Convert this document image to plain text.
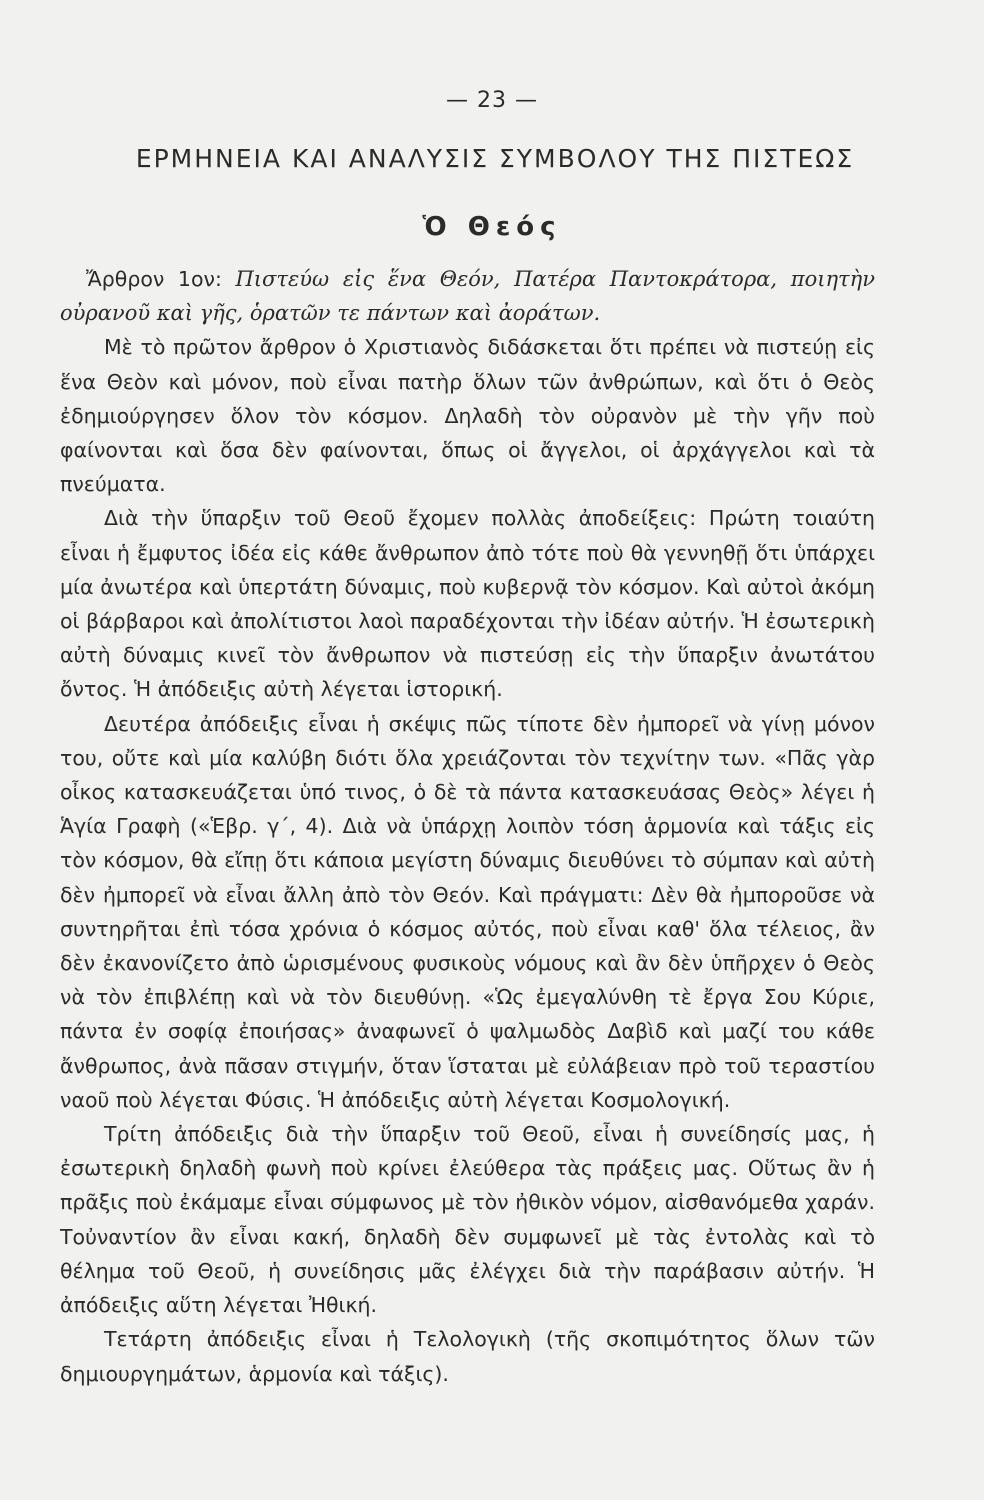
— 23 —
ΕΡΜΗΝΕΙΑ ΚΑΙ ΑΝΑΛΥΣΙΣ ΣΥΜΒΟΛΟΥ ΤΗΣ ΠΙΣΤΕΩΣ
Ὁ Θεός

Ἄρθρον 1ον: Πιστεύω εἰς ἕνα Θεόν, Πατέρα Παντοκράτορα, ποιητὴν οὐρανοῦ καὶ γῆς, ὁρατῶν τε πάντων καὶ ἀοράτων.

Μὲ τὸ πρῶτον ἄρθρον ὁ Χριστιανὸς διδάσκεται ὅτι πρέπει νὰ πιστεύῃ εἰς ἕνα Θεὸν καὶ μόνον, ποὺ εἶναι πατὴρ ὅλων τῶν ἀνθρώπων, καὶ ὅτι ὁ Θεὸς ἐδημιούργησεν ὅλον τὸν κόσμον. Δηλαδὴ τὸν οὐρανὸν μὲ τὴν γῆν ποὺ φαίνονται καὶ ὅσα δὲν φαίνονται, ὅπως οἱ ἄγγελοι, οἱ ἀρχάγγελοι καὶ τὰ πνεύματα.

Διὰ τὴν ὕπαρξιν τοῦ Θεοῦ ἔχομεν πολλὰς ἀποδείξεις: Πρώτη τοιαύτη εἶναι ἡ ἔμφυτος ἰδέα εἰς κάθε ἄνθρωπον ἀπὸ τότε ποὺ θὰ γεννηθῇ ὅτι ὑπάρχει μία ἀνωτέρα καὶ ὑπερτάτη δύναμις, ποὺ κυβερνᾷ τὸν κόσμον. Καὶ αὐτοὶ ἀκόμη οἱ βάρβαροι καὶ ἀπολίτιστοι λαοὶ παραδέχονται τὴν ἰδέαν αὐτήν. Ἡ ἐσωτερικὴ αὐτὴ δύναμις κινεῖ τὸν ἄνθρωπον νὰ πιστεύσῃ εἰς τὴν ὕπαρξιν ἀνωτάτου ὄντος. Ἡ ἀπόδειξις αὐτὴ λέγεται ἱστορική.

Δευτέρα ἀπόδειξις εἶναι ἡ σκέψις πῶς τίποτε δὲν ἠμπορεῖ νὰ γίνῃ μόνον του, οὔτε καὶ μία καλύβη διότι ὅλα χρειάζονται τὸν τεχνίτην των. «Πᾶς γὰρ οἶκος κατασκευάζεται ὑπό τινος, ὁ δὲ τὰ πάντα κατασκευάσας Θεὸς» λέγει ἡ Ἁγία Γραφὴ («Ἑβρ. γ΄, 4). Διὰ νὰ ὑπάρχῃ λοιπὸν τόση ἁρμονία καὶ τάξις εἰς τὸν κόσμον, θὰ εἴπῃ ὅτι κάποια μεγίστη δύναμις διευθύνει τὸ σύμπαν καὶ αὐτὴ δὲν ἠμπορεῖ νὰ εἶναι ἄλλη ἀπὸ τὸν Θεόν. Καὶ πράγματι: Δὲν θὰ ἠμποροῦσε νὰ συντηρῆται ἐπὶ τόσα χρόνια ὁ κόσμος αὐτός, ποὺ εἶναι καθ' ὅλα τέλειος, ἂν δὲν ἐκανονίζετο ἀπὸ ὡρισμένους φυσικοὺς νόμους καὶ ἂν δὲν ὑπῆρχεν ὁ Θεὸς νὰ τὸν ἐπιβλέπῃ καὶ νὰ τὸν διευθύνῃ. «Ὡς ἐμεγαλύνθη τὲ ἔργα Σου Κύριε, πάντα ἐν σοφίᾳ ἐποιήσας» ἀναφωνεῖ ὁ ψαλμωδὸς Δαβὶδ καὶ μαζί του κάθε ἄνθρωπος, ἀνὰ πᾶσαν στιγμήν, ὅταν ἵσταται μὲ εὐλάβειαν πρὸ τοῦ τεραστίου ναοῦ ποὺ λέγεται Φύσις. Ἡ ἀπόδειξις αὐτὴ λέγεται Κοσμολογική.

Τρίτη ἀπόδειξις διὰ τὴν ὕπαρξιν τοῦ Θεοῦ, εἶναι ἡ συνείδησίς μας, ἡ ἐσωτερικὴ δηλαδὴ φωνὴ ποὺ κρίνει ἐλεύθερα τὰς πράξεις μας. Οὕτως ἂν ἡ πρᾶξις ποὺ ἐκάμαμε εἶναι σύμφωνος μὲ τὸν ἠθικὸν νόμον, αἰσθανόμεθα χαράν. Τοὐναντίον ἂν εἶναι κακή, δηλαδὴ δὲν συμφωνεῖ μὲ τὰς ἐντολὰς καὶ τὸ θέλημα τοῦ Θεοῦ, ἡ συνείδησις μᾶς ἐλέγχει διὰ τὴν παράβασιν αὐτήν. Ἡ ἀπόδειξις αὕτη λέγεται Ἠθική.

Τετάρτη ἀπόδειξις εἶναι ἡ Τελολογικὴ (τῆς σκοπιμότητος ὅλων τῶν δημιουργημάτων, ἁρμονία καὶ τάξις).
